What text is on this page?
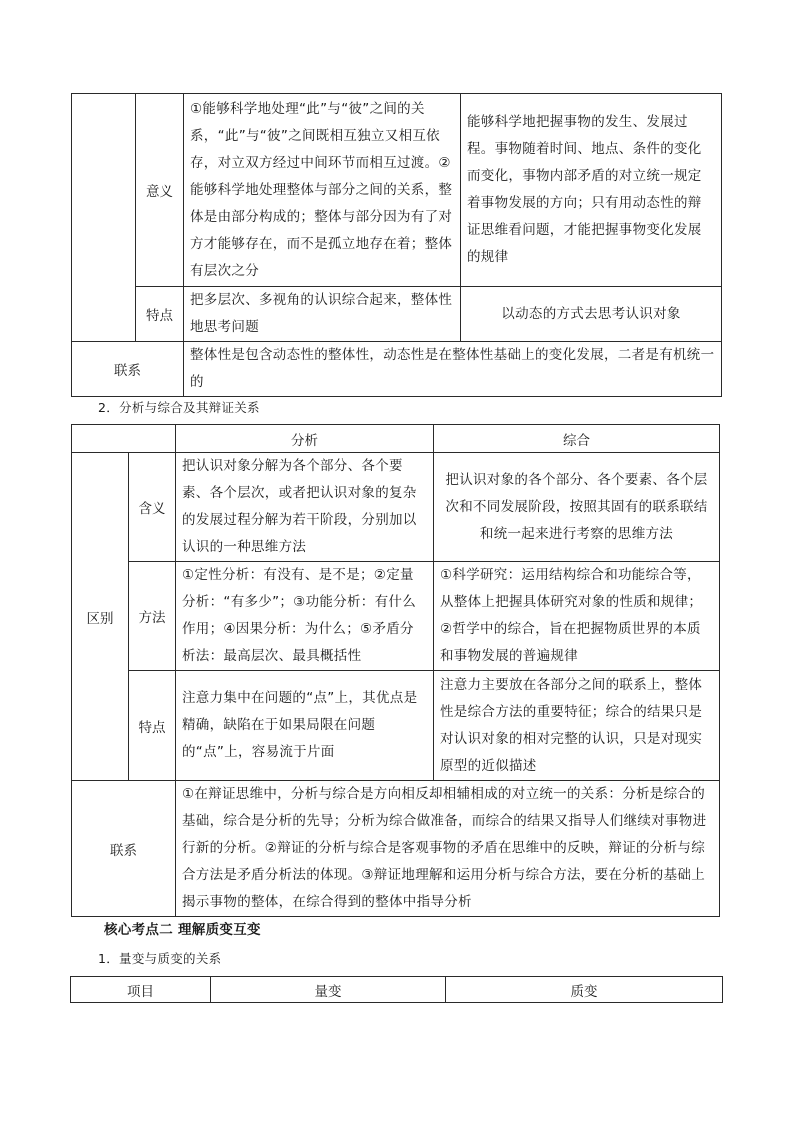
	意义	①能够科学地处理“此”与“彼”之间的关系，“此”与“彼”之间既相互独立又相互依存，对立双方经过中间环节而相互过渡。②能够科学地处理整体与部分之间的关系，整体是由部分构成的；整体与部分因为有了对方才能够存在，而不是孤立地存在着；整体有层次之分	能够科学地把握事物的发生、发展过程。事物随着时间、地点、条件的变化而变化，事物内部矛盾的对立统一规定着事物发展的方向；只有用动态性的辩证思维看问题，才能把握事物变化发展的规律
	特点	把多层次、多视角的认识综合起来，整体性地思考问题	以动态的方式去思考认识对象
联系		整体性是包含动态性的整体性，动态性是在整体性基础上的变化发展，二者是有机统一的	
2．分析与综合及其辩证关系
		分析	综合
区别	含义	把认识对象分解为各个部分、各个要素、各个层次，或者把认识对象的复杂的发展过程分解为若干阶段，分别加以认识的一种思维方法	把认识对象的各个部分、各个要素、各个层次和不同发展阶段，按照其固有的联系联结和统一起来进行考察的思维方法
	方法	①定性分析：有没有、是不是；②定量分析：“有多少”；③功能分析：有什么作用；④因果分析：为什么；⑤矛盾分析法：最高层次、最具概括性	①科学研究：运用结构综合和功能综合等，从整体上把握具体研究对象的性质和规律；②哲学中的综合，旨在把握物质世界的本质和事物发展的普遍规律
	特点	注意力集中在问题的“点”上，其优点是精确，缺陷在于如果局限在问题的“点”上，容易流于片面	注意力主要放在各部分之间的联系上，整体性是综合方法的重要特征；综合的结果只是对认识对象的相对完整的认识，只是对现实原型的近似描述
联系		①在辩证思维中，分析与综合是方向相反却相辅相成的对立统一的关系：分析是综合的基础，综合是分析的先导；分析为综合做准备，而综合的结果又指导人们继续对事物进行新的分析。②辩证的分析与综合是客观事物的矛盾在思维中的反映，辩证的分析与综合方法是矛盾分析法的体现。③辩证地理解和运用分析与综合方法，要在分析的基础上揭示事物的整体，在综合得到的整体中指导分析	
核心考点二 理解质变互变
1．量变与质变的关系
项目	量变	质变
